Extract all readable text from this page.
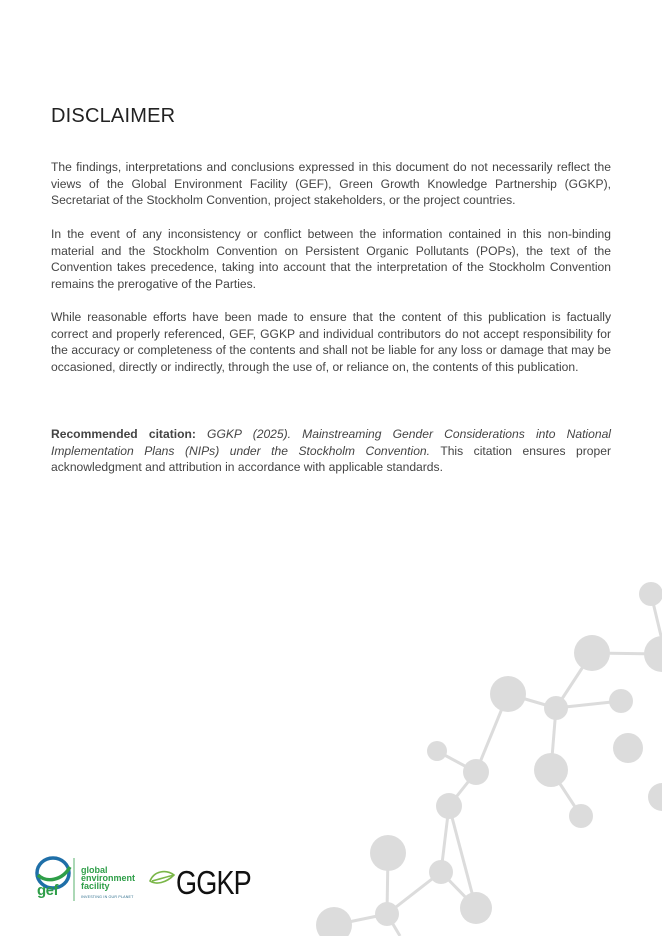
DISCLAIMER

The findings, interpretations and conclusions expressed in this document do not necessarily reflect the views of the Global Environment Facility (GEF), Green Growth Knowledge Partnership (GGKP), Secretariat of the Stockholm Convention, project stakeholders, or the project countries.

In the event of any inconsistency or conflict between the information contained in this non-binding material and the Stockholm Convention on Persistent Organic Pollutants (POPs), the text of the Convention takes precedence, taking into account that the interpretation of the Stockholm Convention remains the prerogative of the Parties.

While reasonable efforts have been made to ensure that the content of this publication is factually correct and properly referenced, GEF, GGKP and individual contributors do not accept responsibility for the accuracy or completeness of the contents and shall not be liable for any loss or damage that may be occasioned, directly or indirectly, through the use of, or reliance on, the contents of this publication.

Recommended citation: GGKP (2025). Mainstreaming Gender Considerations into National Implementation Plans (NIPs) under the Stockholm Convention. This citation ensures proper acknowledgment and attribution in accordance with applicable standards.

gef
global
environment
facility
INVESTING IN OUR PLANET GGKP
